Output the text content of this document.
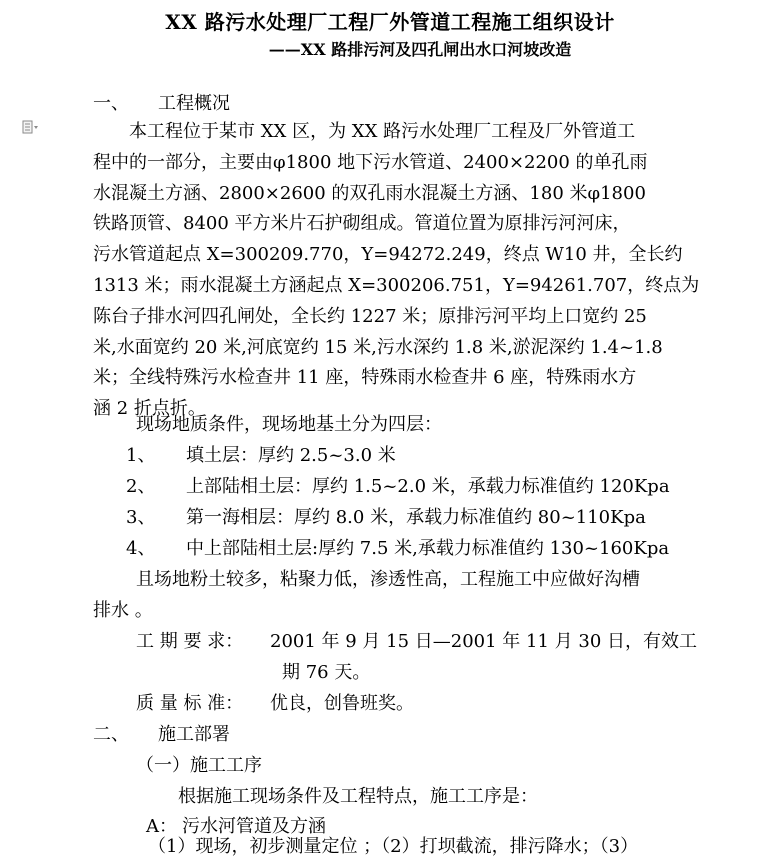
XX 路污水处理厂工程厂外管道工程施工组织设计
——XX 路排污河及四孔闸出水口河坡改造
一、 工程概况
　　本工程位于某市 XX 区，为 XX 路污水处理厂工程及厂外管道工
程中的一部分，主要由φ1800 地下污水管道、2400×2200 的单孔雨
水混凝土方涵、2800×2600 的双孔雨水混凝土方涵、180 米φ1800
铁路顶管、8400 平方米片石护砌组成。管道位置为原排污河河床，
污水管道起点 X=300209.770，Y=94272.249，终点 W10 井，全长约
1313 米；雨水混凝土方涵起点 X=300206.751，Y=94261.707，终点为
陈台子排水河四孔闸处，全长约 1227 米；原排污河平均上口宽约 25
米,水面宽约 20 米,河底宽约 15 米,污水深约 1.8 米,淤泥深约 1.4~1.8
米；全线特殊污水检查井 11 座，特殊雨水检查井 6 座，特殊雨水方
涵 2 折点折。
现场地质条件，现场地基土分为四层：
1、 填土层：厚约 2.5~3.0 米
2、 上部陆相土层：厚约 1.5~2.0 米，承载力标准值约 120Kpa
3、 第一海相层：厚约 8.0 米，承载力标准值约 80~110Kpa
4、 中上部陆相土层:厚约 7.5 米,承载力标准值约 130~160Kpa
且场地粉土较多，粘聚力低，渗透性高，工程施工中应做好沟槽
排水 。
工 期 要 求： 2001 年 9 月 15 日—2001 年 11 月 30 日，有效工
期 76 天。
质 量 标 准： 优良，创鲁班奖。
二、 施工部署
（一）施工工序
根据施工现场条件及工程特点，施工工序是：
A： 污水河管道及方涵
（1）现场，初步测量定位 ；（2）打坝截流，排污降水；（3）
